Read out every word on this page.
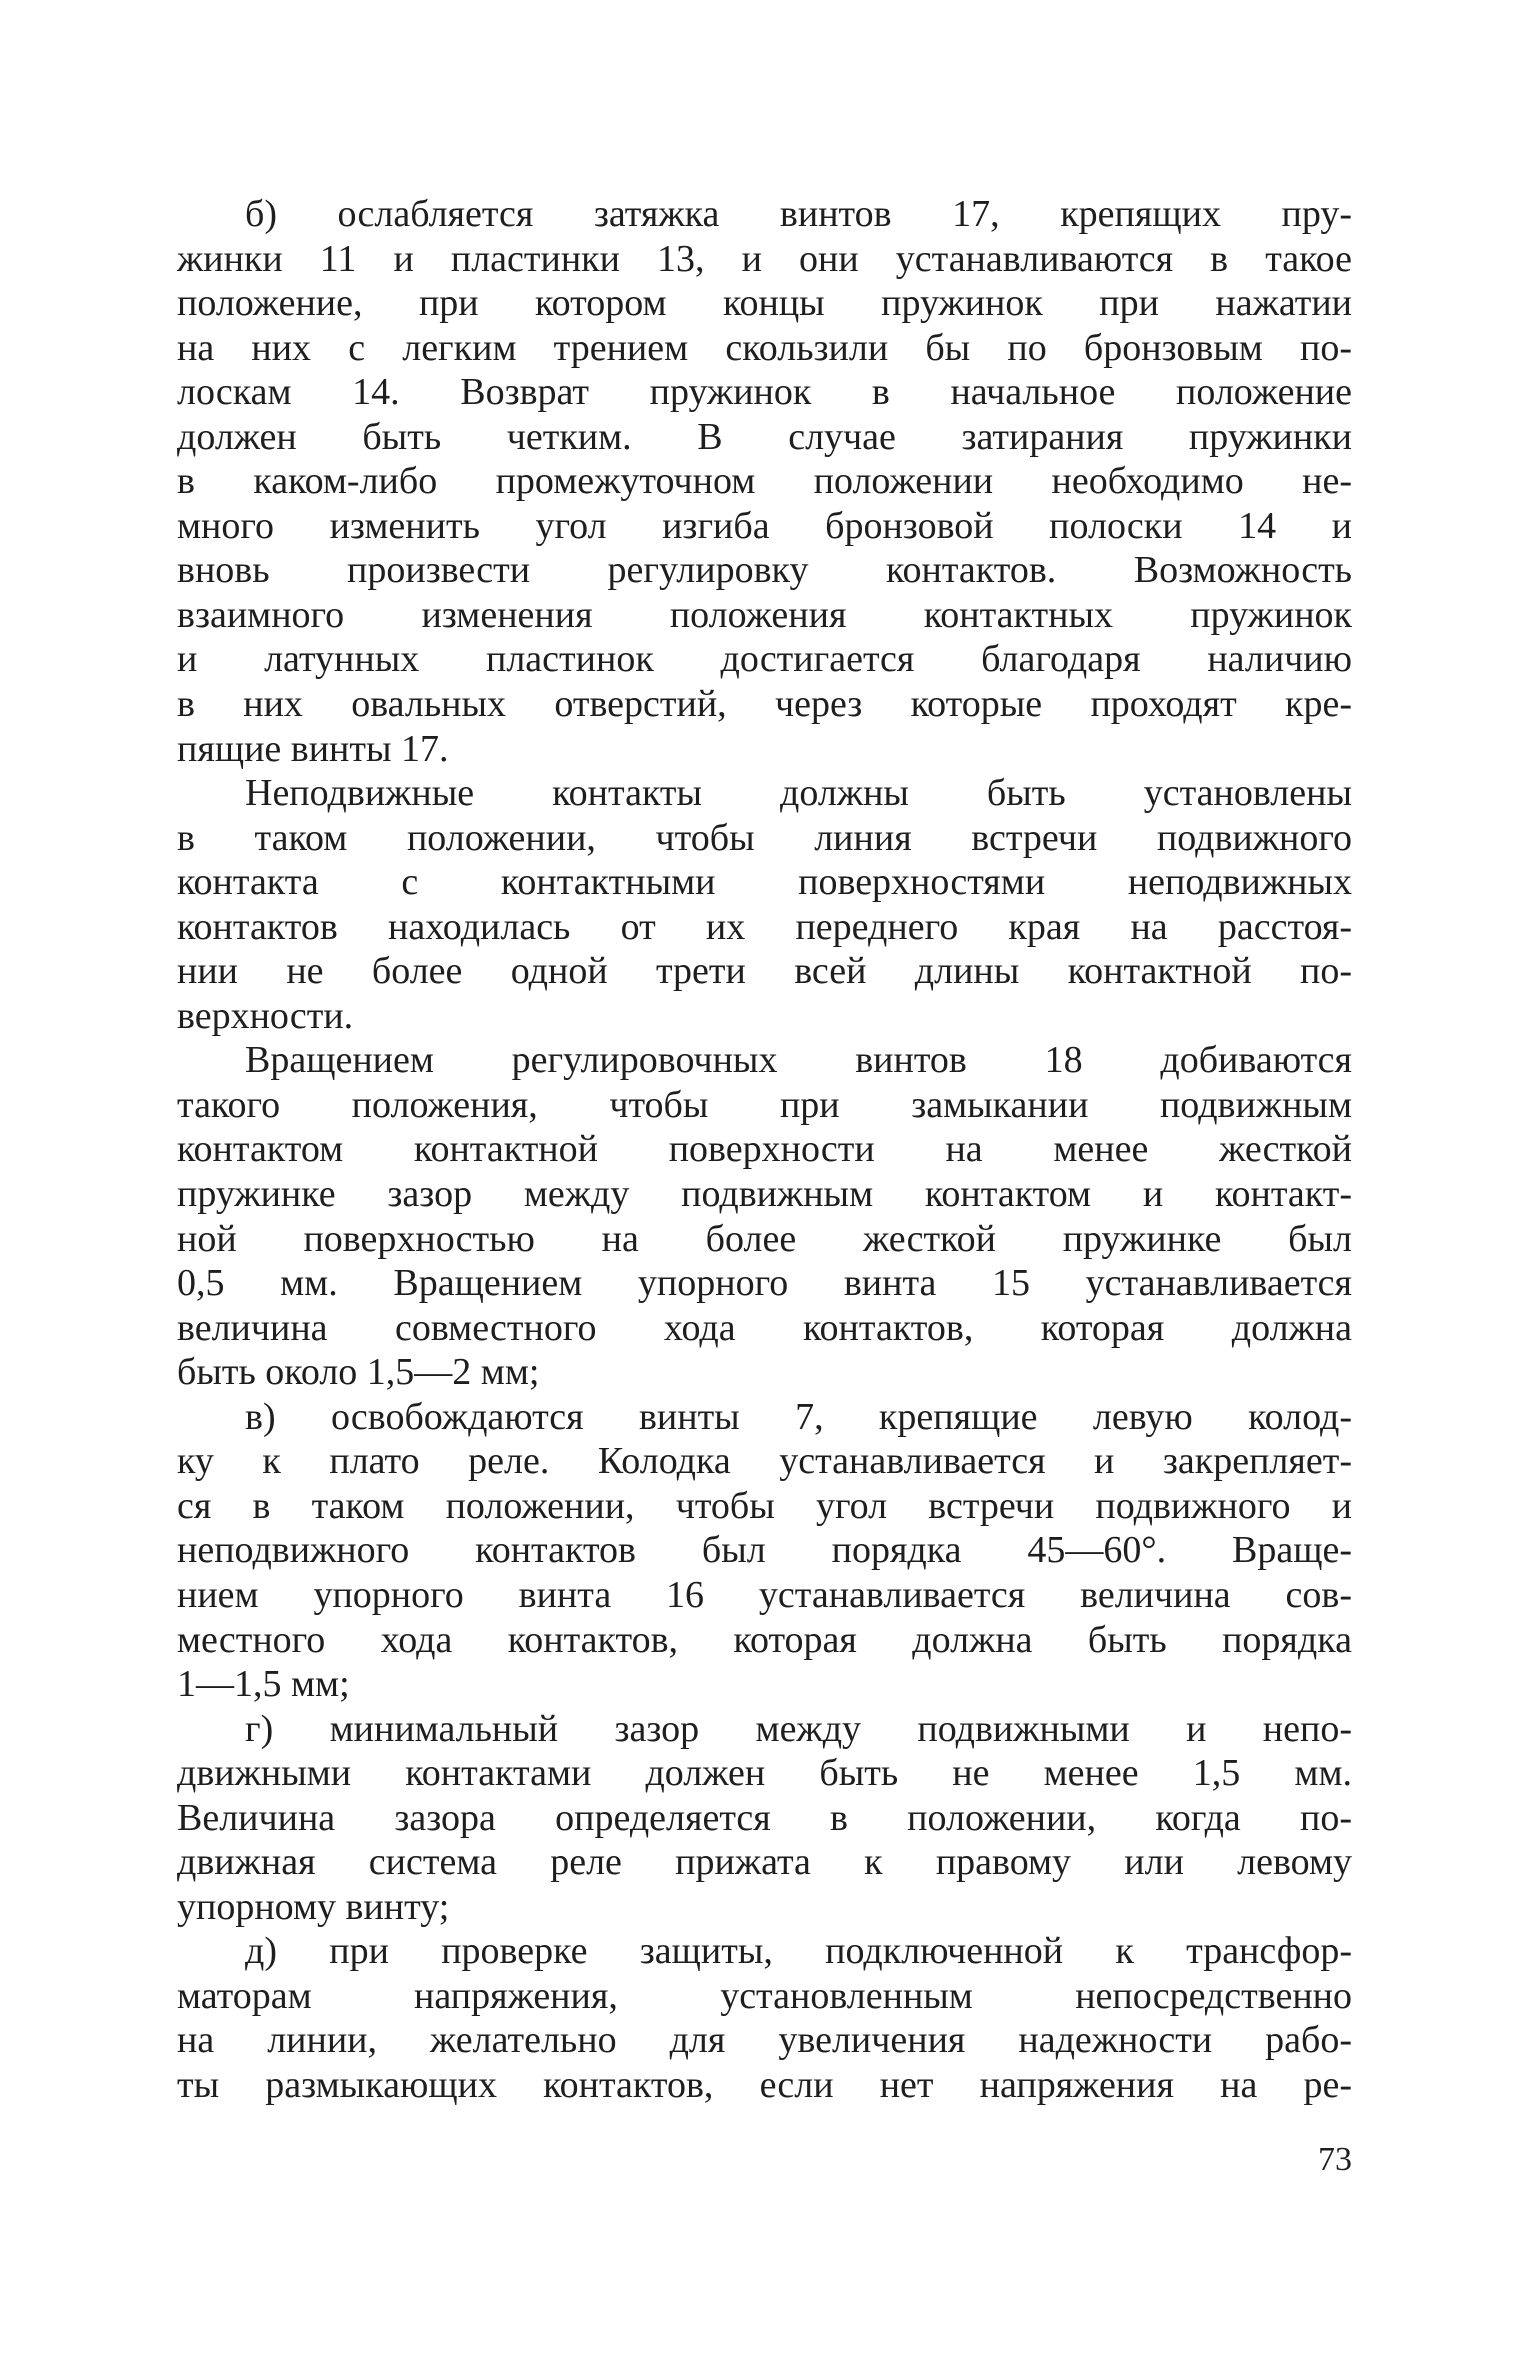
б) ослабляется затяжка винтов 17, крепящих пру-
жинки 11 и пластинки 13, и они устанавливаются в такое
положение, при котором концы пружинок при нажатии
на них с легким трением скользили бы по бронзовым по-
лоскам 14. Возврат пружинок в начальное положение
должен быть четким. В случае затирания пружинки
в каком-либо промежуточном положении необходимо не-
много изменить угол изгиба бронзовой полоски 14 и
вновь произвести регулировку контактов. Возможность
взаимного изменения положения контактных пружинок
и латунных пластинок достигается благодаря наличию
в них овальных отверстий, через которые проходят кре-
пящие винты 17.
Неподвижные контакты должны быть установлены
в таком положении, чтобы линия встречи подвижного
контакта с контактными поверхностями неподвижных
контактов находилась от их переднего края на расстоя-
нии не более одной трети всей длины контактной по-
верхности.
Вращением регулировочных винтов 18 добиваются
такого положения, чтобы при замыкании подвижным
контактом контактной поверхности на менее жесткой
пружинке зазор между подвижным контактом и контакт-
ной поверхностью на более жесткой пружинке был
0,5 мм. Вращением упорного винта 15 устанавливается
величина совместного хода контактов, которая должна
быть около 1,5—2 мм;
в) освобождаются винты 7, крепящие левую колод-
ку к плато реле. Колодка устанавливается и закрепляет-
ся в таком положении, чтобы угол встречи подвижного и
неподвижного контактов был порядка 45—60°. Враще-
нием упорного винта 16 устанавливается величина сов-
местного хода контактов, которая должна быть порядка
1—1,5 мм;
г) минимальный зазор между подвижными и непо-
движными контактами должен быть не менее 1,5 мм.
Величина зазора определяется в положении, когда по-
движная система реле прижата к правому или левому
упорному винту;
д) при проверке защиты, подключенной к трансфор-
маторам напряжения, установленным непосредственно
на линии, желательно для увеличения надежности рабо-
ты размыкающих контактов, если нет напряжения на ре-
73
